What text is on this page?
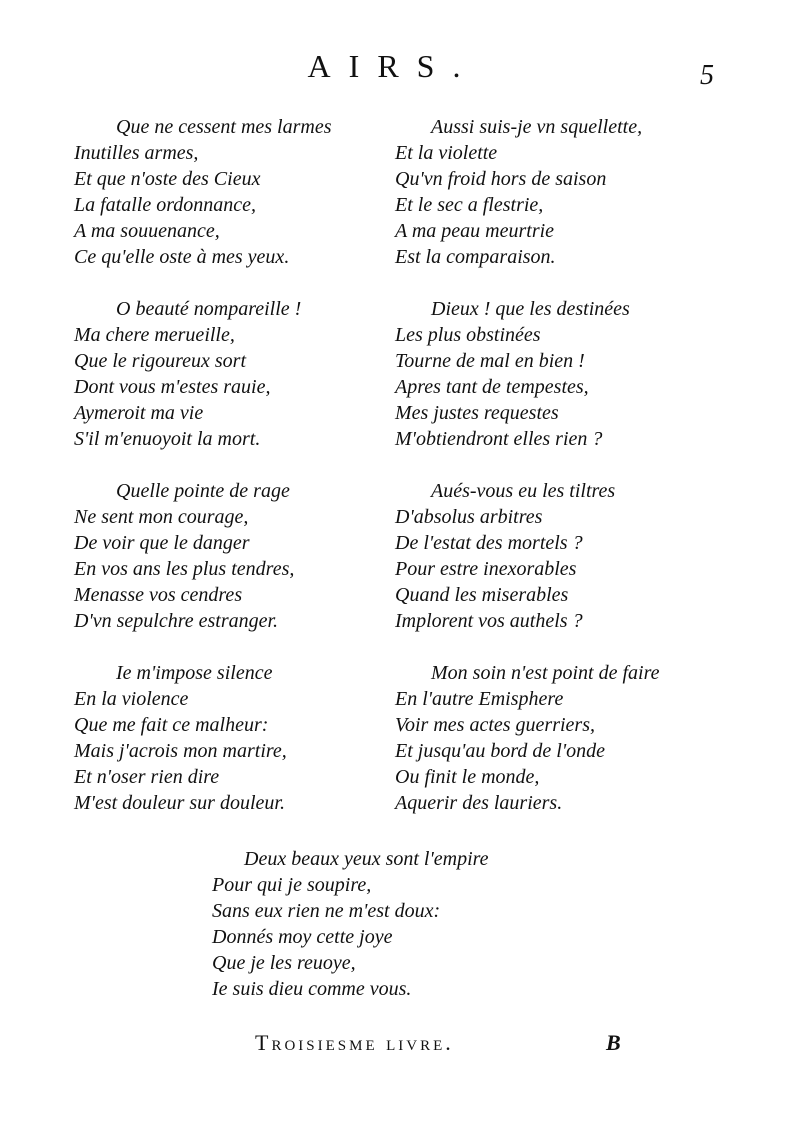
AIRS.	5
Que ne cessent mes larmes
Inutilles armes,
Et que n'oste des Cieux
La fatalle ordonnance,
A ma souuenance,
Ce qu'elle oste à mes yeux.
O beauté nompareille !
Ma chere merueille,
Que le rigoureux sort
Dont vous m'estes rauie,
Aymeroit ma vie
S'il m'enuoyoit la mort.
Quelle pointe de rage
Ne sent mon courage,
De voir que le danger
En vos ans les plus tendres,
Menasse vos cendres
D'vn sepulchre estranger.
Ie m'impose silence
En la violence
Que me fait ce malheur:
Mais j'acrois mon martire,
Et n'oser rien dire
M'est douleur sur douleur.
Aussi suis-je vn squellette,
Et la violette
Qu'vn froid hors de saison
Et le sec a flestrie,
A ma peau meurtrie
Est la comparaison.
Dieux ! que les destinées
Les plus obstinées
Tourne de mal en bien !
Apres tant de tempestes,
Mes justes requestes
M'obtiendront elles rien ?
Aués-vous eu les tiltres
D'absolus arbitres
De l'estat des mortels ?
Pour estre inexorables
Quand les miserables
Implorent vos authels ?
Mon soin n'est point de faire
En l'autre Emisphere
Voir mes actes guerriers,
Et jusqu'au bord de l'onde
Ou finit le monde,
Aquerir des lauriers.
Deux beaux yeux sont l'empire
Pour qui je soupire,
Sans eux rien ne m'est doux:
Donnés moy cette joye
Que je les reuoye,
Ie suis dieu comme vous.
Troisiesme livre.	B
